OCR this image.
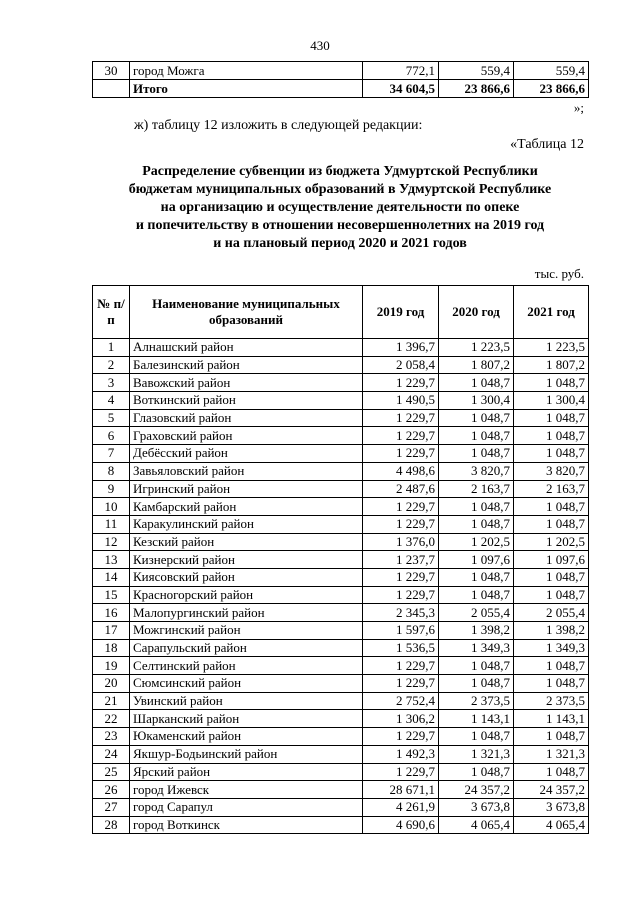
430
30	город Можга	772,1	559,4	559,4
	Итого	34 604,5	23 866,6	23 866,6
»;
ж) таблицу 12 изложить в следующей редакции:
«Таблица 12
Распределение субвенции из бюджета Удмуртской Республики
бюджетам муниципальных образований в Удмуртской Республике
на организацию и осуществление деятельности по опеке
и попечительству в отношении несовершеннолетних на 2019 год
и на плановый период 2020 и 2021 годов
тыс. руб.
№ п/п	Наименование муниципальных образований	2019 год	2020 год	2021 год
1	Алнашский район	1 396,7	1 223,5	1 223,5
2	Балезинский район	2 058,4	1 807,2	1 807,2
3	Вавожский район	1 229,7	1 048,7	1 048,7
4	Воткинский район	1 490,5	1 300,4	1 300,4
5	Глазовский район	1 229,7	1 048,7	1 048,7
6	Граховский район	1 229,7	1 048,7	1 048,7
7	Дебёсский район	1 229,7	1 048,7	1 048,7
8	Завьяловский район	4 498,6	3 820,7	3 820,7
9	Игринский район	2 487,6	2 163,7	2 163,7
10	Камбарский район	1 229,7	1 048,7	1 048,7
11	Каракулинский район	1 229,7	1 048,7	1 048,7
12	Кезский район	1 376,0	1 202,5	1 202,5
13	Кизнерский район	1 237,7	1 097,6	1 097,6
14	Киясовский район	1 229,7	1 048,7	1 048,7
15	Красногорский район	1 229,7	1 048,7	1 048,7
16	Малопургинский район	2 345,3	2 055,4	2 055,4
17	Можгинский район	1 597,6	1 398,2	1 398,2
18	Сарапульский район	1 536,5	1 349,3	1 349,3
19	Селтинский район	1 229,7	1 048,7	1 048,7
20	Сюмсинский район	1 229,7	1 048,7	1 048,7
21	Увинский район	2 752,4	2 373,5	2 373,5
22	Шарканский район	1 306,2	1 143,1	1 143,1
23	Юкаменский район	1 229,7	1 048,7	1 048,7
24	Якшур-Бодьинский район	1 492,3	1 321,3	1 321,3
25	Ярский район	1 229,7	1 048,7	1 048,7
26	город Ижевск	28 671,1	24 357,2	24 357,2
27	город Сарапул	4 261,9	3 673,8	3 673,8
28	город Воткинск	4 690,6	4 065,4	4 065,4
